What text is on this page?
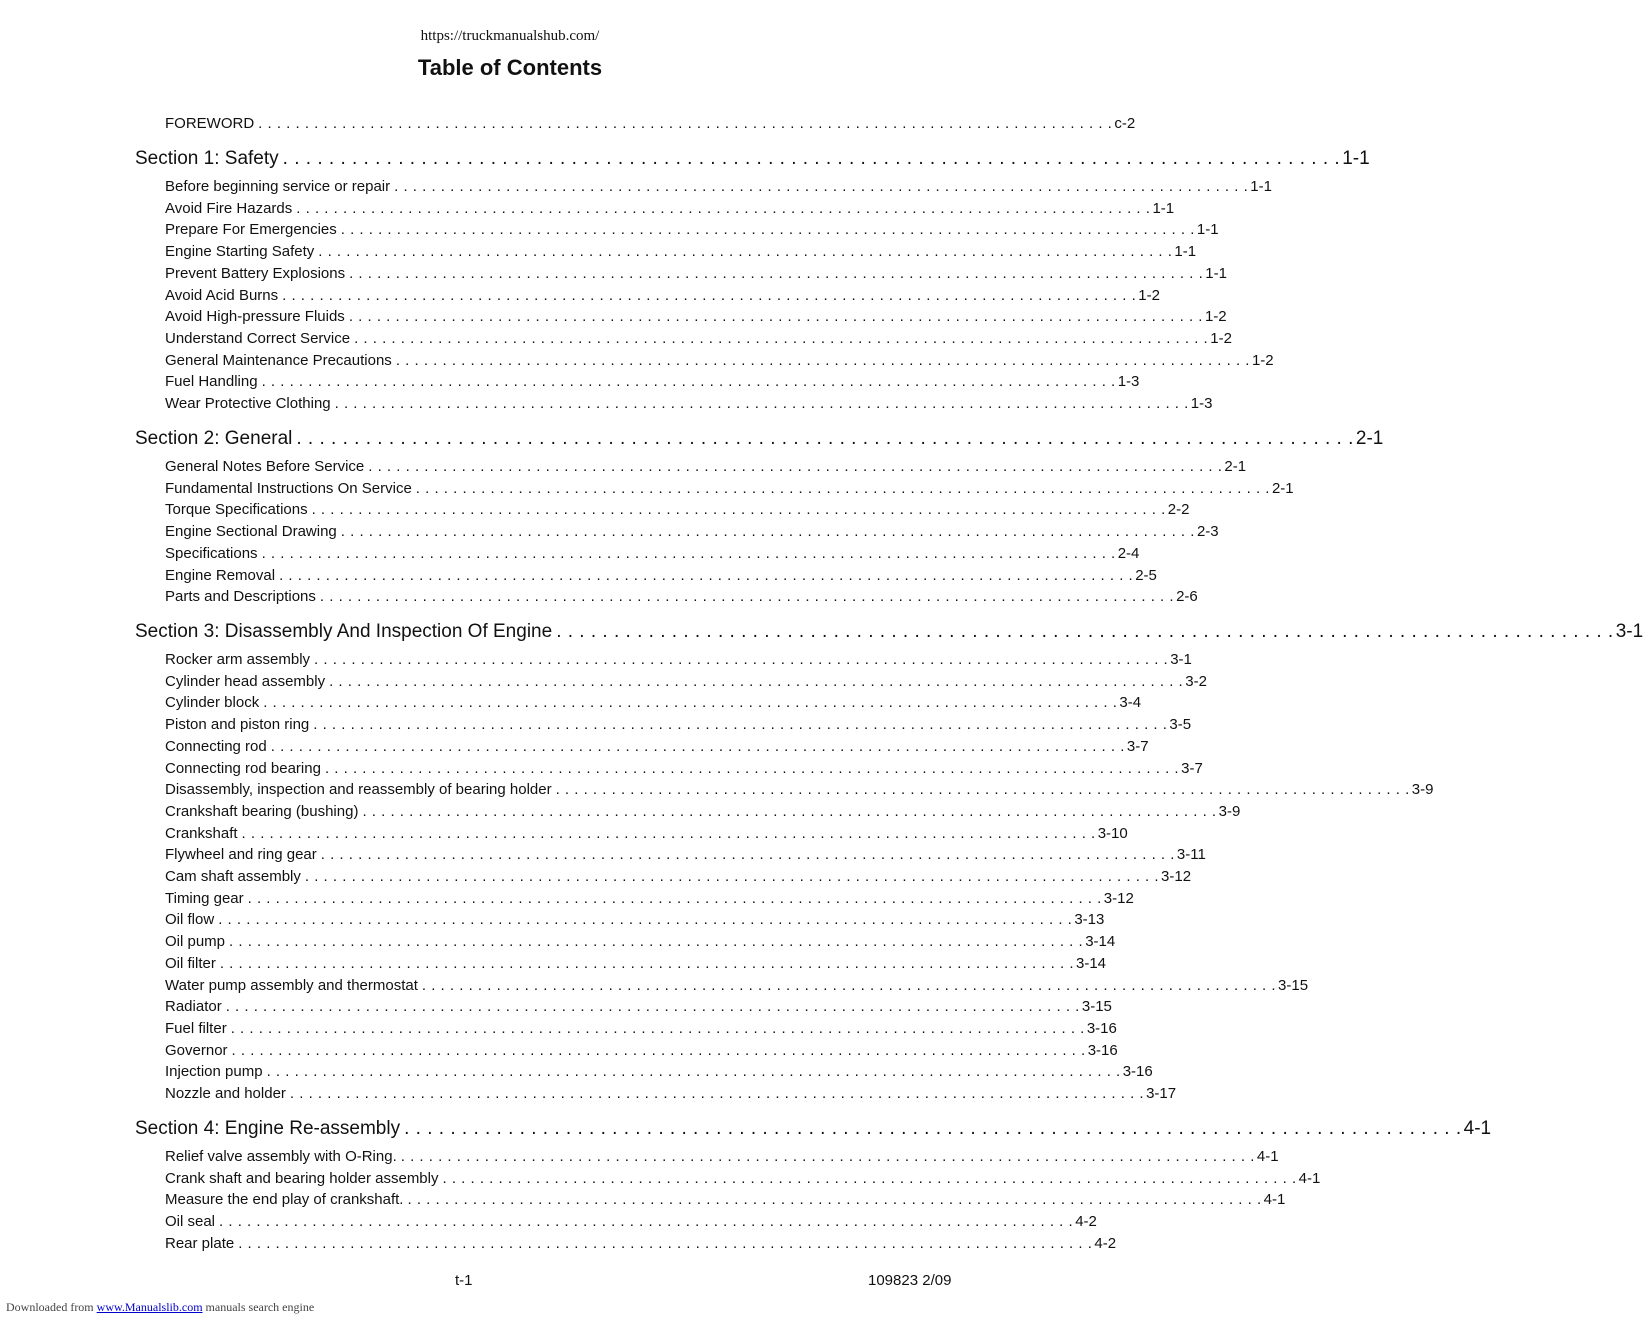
https://truckmanualshub.com/
Table of Contents
FOREWORD . . . . . . . . . . . . . . . . . . . . . . . . . . . . . . . . . . . . . . . . . . . . . . . . . . . . . . . . . . . . . . . . . . . . . . . . . . . . . . . . . . . . . . . . . . . . c-2
Section 1: Safety . . . . . . . . . . . . . . . . . . . . . . . . . . . . . . . . . . . . . . . . . . . . . . . . . . . . . . . . . . . . . . . . . . . . . . . . . . . . . . . . . . . . . . . . . . . . 1-1
Before beginning service or repair . . . . . . . . . . . . . . . . . . . . . . . . . . . . . . . . . . . . . . . . . . . . . . . . . . . . . . . . . . . . . . . . . . . . . . . . . . . . . . . . . . . . . . . . . . . . 1-1
Avoid Fire Hazards . . . . . . . . . . . . . . . . . . . . . . . . . . . . . . . . . . . . . . . . . . . . . . . . . . . . . . . . . . . . . . . . . . . . . . . . . . . . . . . . . . . . . . . . . . . . 1-1
Prepare For Emergencies . . . . . . . . . . . . . . . . . . . . . . . . . . . . . . . . . . . . . . . . . . . . . . . . . . . . . . . . . . . . . . . . . . . . . . . . . . . . . . . . . . . . . . . . . . . . 1-1
Engine Starting Safety . . . . . . . . . . . . . . . . . . . . . . . . . . . . . . . . . . . . . . . . . . . . . . . . . . . . . . . . . . . . . . . . . . . . . . . . . . . . . . . . . . . . . . . . . . . . 1-1
Prevent Battery Explosions . . . . . . . . . . . . . . . . . . . . . . . . . . . . . . . . . . . . . . . . . . . . . . . . . . . . . . . . . . . . . . . . . . . . . . . . . . . . . . . . . . . . . . . . . . . . 1-1
Avoid Acid Burns . . . . . . . . . . . . . . . . . . . . . . . . . . . . . . . . . . . . . . . . . . . . . . . . . . . . . . . . . . . . . . . . . . . . . . . . . . . . . . . . . . . . . . . . . . . . 1-2
Avoid High-pressure Fluids . . . . . . . . . . . . . . . . . . . . . . . . . . . . . . . . . . . . . . . . . . . . . . . . . . . . . . . . . . . . . . . . . . . . . . . . . . . . . . . . . . . . . . . . . . . . 1-2
Understand Correct Service . . . . . . . . . . . . . . . . . . . . . . . . . . . . . . . . . . . . . . . . . . . . . . . . . . . . . . . . . . . . . . . . . . . . . . . . . . . . . . . . . . . . . . . . . . . . 1-2
General Maintenance Precautions . . . . . . . . . . . . . . . . . . . . . . . . . . . . . . . . . . . . . . . . . . . . . . . . . . . . . . . . . . . . . . . . . . . . . . . . . . . . . . . . . . . . . . . . . . . . 1-2
Fuel Handling . . . . . . . . . . . . . . . . . . . . . . . . . . . . . . . . . . . . . . . . . . . . . . . . . . . . . . . . . . . . . . . . . . . . . . . . . . . . . . . . . . . . . . . . . . . . 1-3
Wear Protective Clothing . . . . . . . . . . . . . . . . . . . . . . . . . . . . . . . . . . . . . . . . . . . . . . . . . . . . . . . . . . . . . . . . . . . . . . . . . . . . . . . . . . . . . . . . . . . . 1-3
Section 2: General . . . . . . . . . . . . . . . . . . . . . . . . . . . . . . . . . . . . . . . . . . . . . . . . . . . . . . . . . . . . . . . . . . . . . . . . . . . . . . . . . . . . . . . . . . . . 2-1
General Notes Before Service . . . . . . . . . . . . . . . . . . . . . . . . . . . . . . . . . . . . . . . . . . . . . . . . . . . . . . . . . . . . . . . . . . . . . . . . . . . . . . . . . . . . . . . . . . . . 2-1
Fundamental Instructions On Service . . . . . . . . . . . . . . . . . . . . . . . . . . . . . . . . . . . . . . . . . . . . . . . . . . . . . . . . . . . . . . . . . . . . . . . . . . . . . . . . . . . . . . . . . . . . 2-1
Torque Specifications . . . . . . . . . . . . . . . . . . . . . . . . . . . . . . . . . . . . . . . . . . . . . . . . . . . . . . . . . . . . . . . . . . . . . . . . . . . . . . . . . . . . . . . . . . . . 2-2
Engine Sectional Drawing . . . . . . . . . . . . . . . . . . . . . . . . . . . . . . . . . . . . . . . . . . . . . . . . . . . . . . . . . . . . . . . . . . . . . . . . . . . . . . . . . . . . . . . . . . . . 2-3
Specifications . . . . . . . . . . . . . . . . . . . . . . . . . . . . . . . . . . . . . . . . . . . . . . . . . . . . . . . . . . . . . . . . . . . . . . . . . . . . . . . . . . . . . . . . . . . . 2-4
Engine Removal . . . . . . . . . . . . . . . . . . . . . . . . . . . . . . . . . . . . . . . . . . . . . . . . . . . . . . . . . . . . . . . . . . . . . . . . . . . . . . . . . . . . . . . . . . . . 2-5
Parts and Descriptions . . . . . . . . . . . . . . . . . . . . . . . . . . . . . . . . . . . . . . . . . . . . . . . . . . . . . . . . . . . . . . . . . . . . . . . . . . . . . . . . . . . . . . . . . . . . 2-6
Section 3: Disassembly And Inspection Of Engine . . . . . . . . . . . . . . . . . . . . . . . . . . . . . . . . . . . . . . . . . . . . . . . . . . . . . . . . . . . . . . . . . . . . . . . . . . . . . . . . . . . . . . . . . . . . 3-1
Rocker arm assembly . . . . . . . . . . . . . . . . . . . . . . . . . . . . . . . . . . . . . . . . . . . . . . . . . . . . . . . . . . . . . . . . . . . . . . . . . . . . . . . . . . . . . . . . . . . . 3-1
Cylinder head assembly . . . . . . . . . . . . . . . . . . . . . . . . . . . . . . . . . . . . . . . . . . . . . . . . . . . . . . . . . . . . . . . . . . . . . . . . . . . . . . . . . . . . . . . . . . . . 3-2
Cylinder block . . . . . . . . . . . . . . . . . . . . . . . . . . . . . . . . . . . . . . . . . . . . . . . . . . . . . . . . . . . . . . . . . . . . . . . . . . . . . . . . . . . . . . . . . . . . 3-4
Piston and piston ring . . . . . . . . . . . . . . . . . . . . . . . . . . . . . . . . . . . . . . . . . . . . . . . . . . . . . . . . . . . . . . . . . . . . . . . . . . . . . . . . . . . . . . . . . . . . 3-5
Connecting rod . . . . . . . . . . . . . . . . . . . . . . . . . . . . . . . . . . . . . . . . . . . . . . . . . . . . . . . . . . . . . . . . . . . . . . . . . . . . . . . . . . . . . . . . . . . . 3-7
Connecting rod bearing . . . . . . . . . . . . . . . . . . . . . . . . . . . . . . . . . . . . . . . . . . . . . . . . . . . . . . . . . . . . . . . . . . . . . . . . . . . . . . . . . . . . . . . . . . . . 3-7
Disassembly, inspection and reassembly of bearing holder . . . . . . . . . . . . . . . . . . . . . . . . . . . . . . . . . . . . . . . . . . . . . . . . . . . . . . . . . . . . . . . . . . . . . . . . . . . . . . . . . . . . . . . . . . . . 3-9
Crankshaft bearing (bushing) . . . . . . . . . . . . . . . . . . . . . . . . . . . . . . . . . . . . . . . . . . . . . . . . . . . . . . . . . . . . . . . . . . . . . . . . . . . . . . . . . . . . . . . . . . . . 3-9
Crankshaft . . . . . . . . . . . . . . . . . . . . . . . . . . . . . . . . . . . . . . . . . . . . . . . . . . . . . . . . . . . . . . . . . . . . . . . . . . . . . . . . . . . . . . . . . . . . 3-10
Flywheel and ring gear . . . . . . . . . . . . . . . . . . . . . . . . . . . . . . . . . . . . . . . . . . . . . . . . . . . . . . . . . . . . . . . . . . . . . . . . . . . . . . . . . . . . . . . . . . . . 3-11
Cam shaft assembly . . . . . . . . . . . . . . . . . . . . . . . . . . . . . . . . . . . . . . . . . . . . . . . . . . . . . . . . . . . . . . . . . . . . . . . . . . . . . . . . . . . . . . . . . . . . 3-12
Timing gear . . . . . . . . . . . . . . . . . . . . . . . . . . . . . . . . . . . . . . . . . . . . . . . . . . . . . . . . . . . . . . . . . . . . . . . . . . . . . . . . . . . . . . . . . . . . 3-12
Oil flow . . . . . . . . . . . . . . . . . . . . . . . . . . . . . . . . . . . . . . . . . . . . . . . . . . . . . . . . . . . . . . . . . . . . . . . . . . . . . . . . . . . . . . . . . . . . 3-13
Oil pump . . . . . . . . . . . . . . . . . . . . . . . . . . . . . . . . . . . . . . . . . . . . . . . . . . . . . . . . . . . . . . . . . . . . . . . . . . . . . . . . . . . . . . . . . . . . 3-14
Oil filter . . . . . . . . . . . . . . . . . . . . . . . . . . . . . . . . . . . . . . . . . . . . . . . . . . . . . . . . . . . . . . . . . . . . . . . . . . . . . . . . . . . . . . . . . . . . 3-14
Water pump assembly and thermostat . . . . . . . . . . . . . . . . . . . . . . . . . . . . . . . . . . . . . . . . . . . . . . . . . . . . . . . . . . . . . . . . . . . . . . . . . . . . . . . . . . . . . . . . . . . . 3-15
Radiator . . . . . . . . . . . . . . . . . . . . . . . . . . . . . . . . . . . . . . . . . . . . . . . . . . . . . . . . . . . . . . . . . . . . . . . . . . . . . . . . . . . . . . . . . . . . 3-15
Fuel filter . . . . . . . . . . . . . . . . . . . . . . . . . . . . . . . . . . . . . . . . . . . . . . . . . . . . . . . . . . . . . . . . . . . . . . . . . . . . . . . . . . . . . . . . . . . . 3-16
Governor . . . . . . . . . . . . . . . . . . . . . . . . . . . . . . . . . . . . . . . . . . . . . . . . . . . . . . . . . . . . . . . . . . . . . . . . . . . . . . . . . . . . . . . . . . . . 3-16
Injection pump . . . . . . . . . . . . . . . . . . . . . . . . . . . . . . . . . . . . . . . . . . . . . . . . . . . . . . . . . . . . . . . . . . . . . . . . . . . . . . . . . . . . . . . . . . . . 3-16
Nozzle and holder . . . . . . . . . . . . . . . . . . . . . . . . . . . . . . . . . . . . . . . . . . . . . . . . . . . . . . . . . . . . . . . . . . . . . . . . . . . . . . . . . . . . . . . . . . . . 3-17
Section 4: Engine Re-assembly . . . . . . . . . . . . . . . . . . . . . . . . . . . . . . . . . . . . . . . . . . . . . . . . . . . . . . . . . . . . . . . . . . . . . . . . . . . . . . . . . . . . . . . . . . . . 4-1
Relief valve assembly with O-Ring. . . . . . . . . . . . . . . . . . . . . . . . . . . . . . . . . . . . . . . . . . . . . . . . . . . . . . . . . . . . . . . . . . . . . . . . . . . . . . . . . . . . . . . . . . . . . 4-1
Crank shaft and bearing holder assembly . . . . . . . . . . . . . . . . . . . . . . . . . . . . . . . . . . . . . . . . . . . . . . . . . . . . . . . . . . . . . . . . . . . . . . . . . . . . . . . . . . . . . . . . . . . . 4-1
Measure the end play of crankshaft. . . . . . . . . . . . . . . . . . . . . . . . . . . . . . . . . . . . . . . . . . . . . . . . . . . . . . . . . . . . . . . . . . . . . . . . . . . . . . . . . . . . . . . . . . . . . 4-1
Oil seal . . . . . . . . . . . . . . . . . . . . . . . . . . . . . . . . . . . . . . . . . . . . . . . . . . . . . . . . . . . . . . . . . . . . . . . . . . . . . . . . . . . . . . . . . . . . 4-2
Rear plate . . . . . . . . . . . . . . . . . . . . . . . . . . . . . . . . . . . . . . . . . . . . . . . . . . . . . . . . . . . . . . . . . . . . . . . . . . . . . . . . . . . . . . . . . . . . 4-2
t-1	109823 2/09
Downloaded from www.Manualslib.com manuals search engine
